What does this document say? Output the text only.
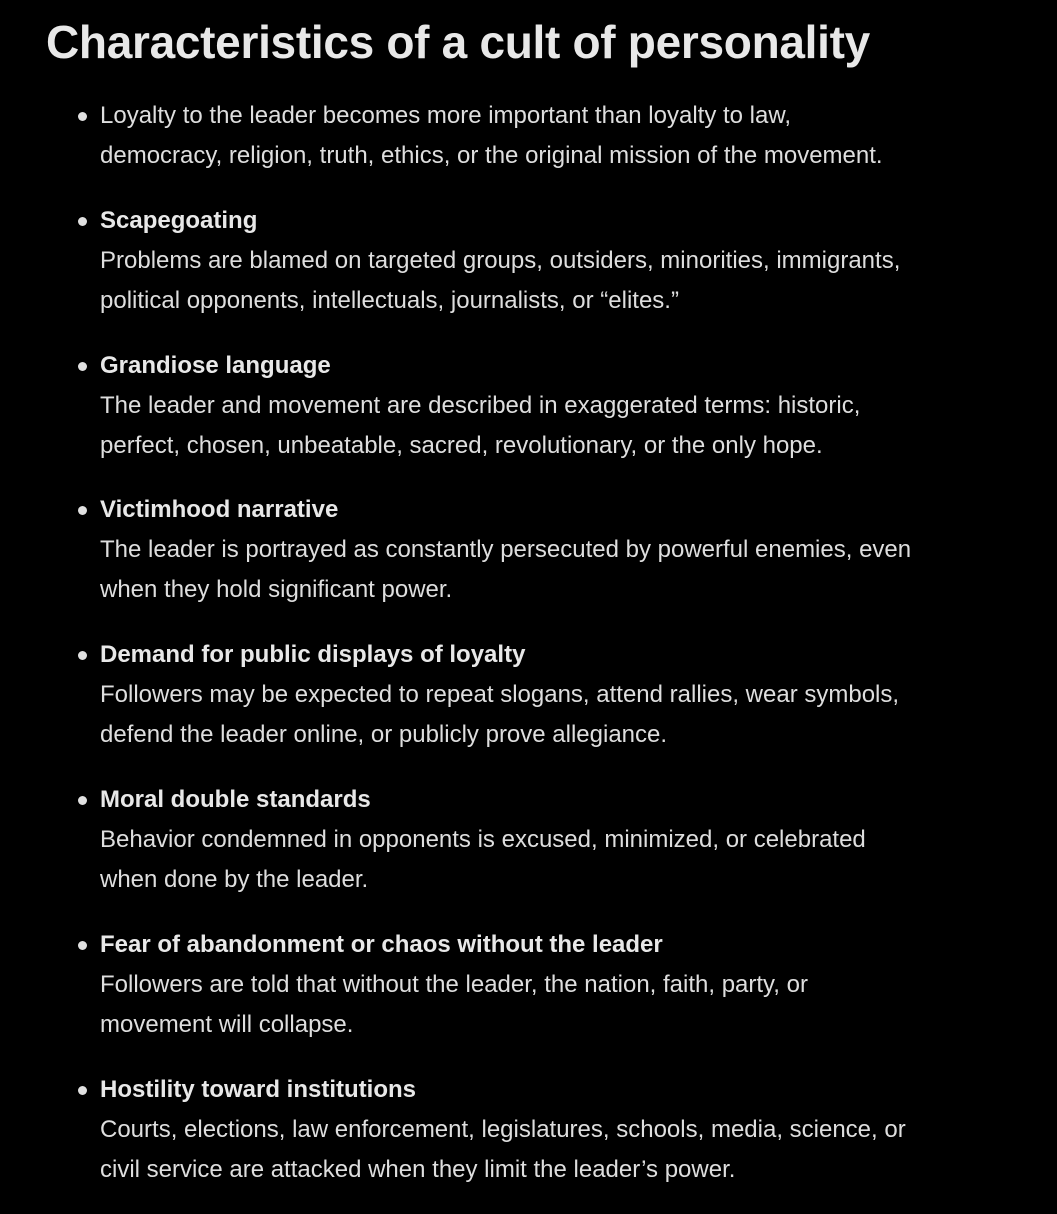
Characteristics of a cult of personality
Loyalty to the leader becomes more important than loyalty to law,
democracy, religion, truth, ethics, or the original mission of the movement.
Scapegoating
Problems are blamed on targeted groups, outsiders, minorities, immigrants,
political opponents, intellectuals, journalists, or “elites.”
Grandiose language
The leader and movement are described in exaggerated terms: historic,
perfect, chosen, unbeatable, sacred, revolutionary, or the only hope.
Victimhood narrative
The leader is portrayed as constantly persecuted by powerful enemies, even
when they hold significant power.
Demand for public displays of loyalty
Followers may be expected to repeat slogans, attend rallies, wear symbols,
defend the leader online, or publicly prove allegiance.
Moral double standards
Behavior condemned in opponents is excused, minimized, or celebrated
when done by the leader.
Fear of abandonment or chaos without the leader
Followers are told that without the leader, the nation, faith, party, or
movement will collapse.
Hostility toward institutions
Courts, elections, law enforcement, legislatures, schools, media, science, or
civil service are attacked when they limit the leader’s power.
